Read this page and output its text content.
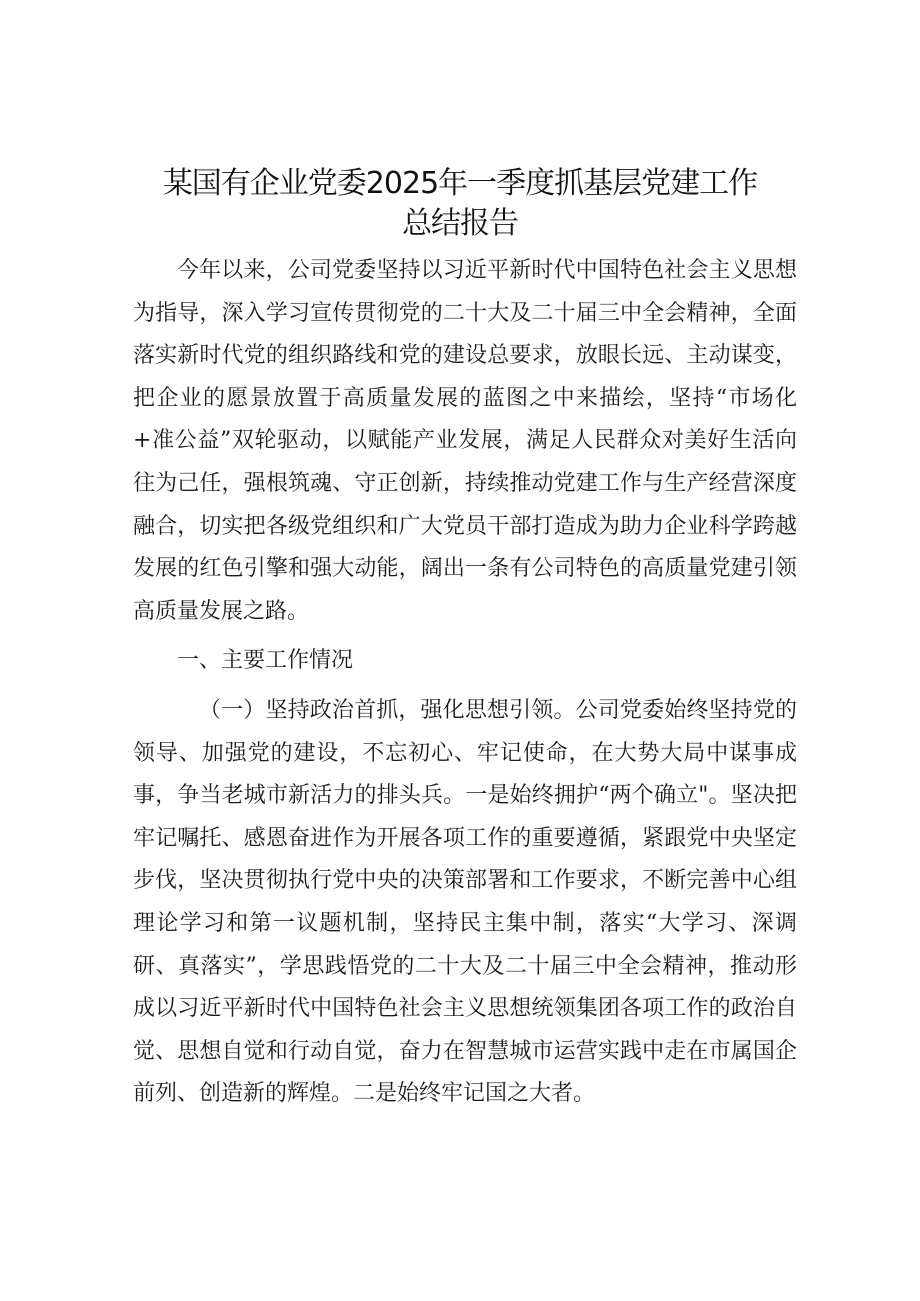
某国有企业党委2025年一季度抓基层党建工作
总结报告

今年以来，公司党委坚持以习近平新时代中国特色社会主义思想为指导，深入学习宣传贯彻党的二十大及二十届三中全会精神，全面落实新时代党的组织路线和党的建设总要求，放眼长远、主动谋变，把企业的愿景放置于高质量发展的蓝图之中来描绘，坚持“市场化+准公益”双轮驱动，以赋能产业发展，满足人民群众对美好生活向往为己任，强根筑魂、守正创新，持续推动党建工作与生产经营深度融合，切实把各级党组织和广大党员干部打造成为助力企业科学跨越发展的红色引擎和强大动能，阔出一条有公司特色的高质量党建引领高质量发展之路。

一、主要工作情况

（一）坚持政治首抓，强化思想引领。公司党委始终坚持党的领导、加强党的建设，不忘初心、牢记使命，在大势大局中谋事成事，争当老城市新活力的排头兵。一是始终拥护“两个确立"。坚决把牢记嘱托、感恩奋进作为开展各项工作的重要遵循，紧跟党中央坚定步伐，坚决贯彻执行党中央的决策部署和工作要求，不断完善中心组理论学习和第一议题机制，坚持民主集中制，落实“大学习、深调研、真落实”，学思践悟党的二十大及二十届三中全会精神，推动形成以习近平新时代中国特色社会主义思想统领集团各项工作的政治自觉、思想自觉和行动自觉，奋力在智慧城市运营实践中走在市属国企前列、创造新的辉煌。二是始终牢记国之大者。
